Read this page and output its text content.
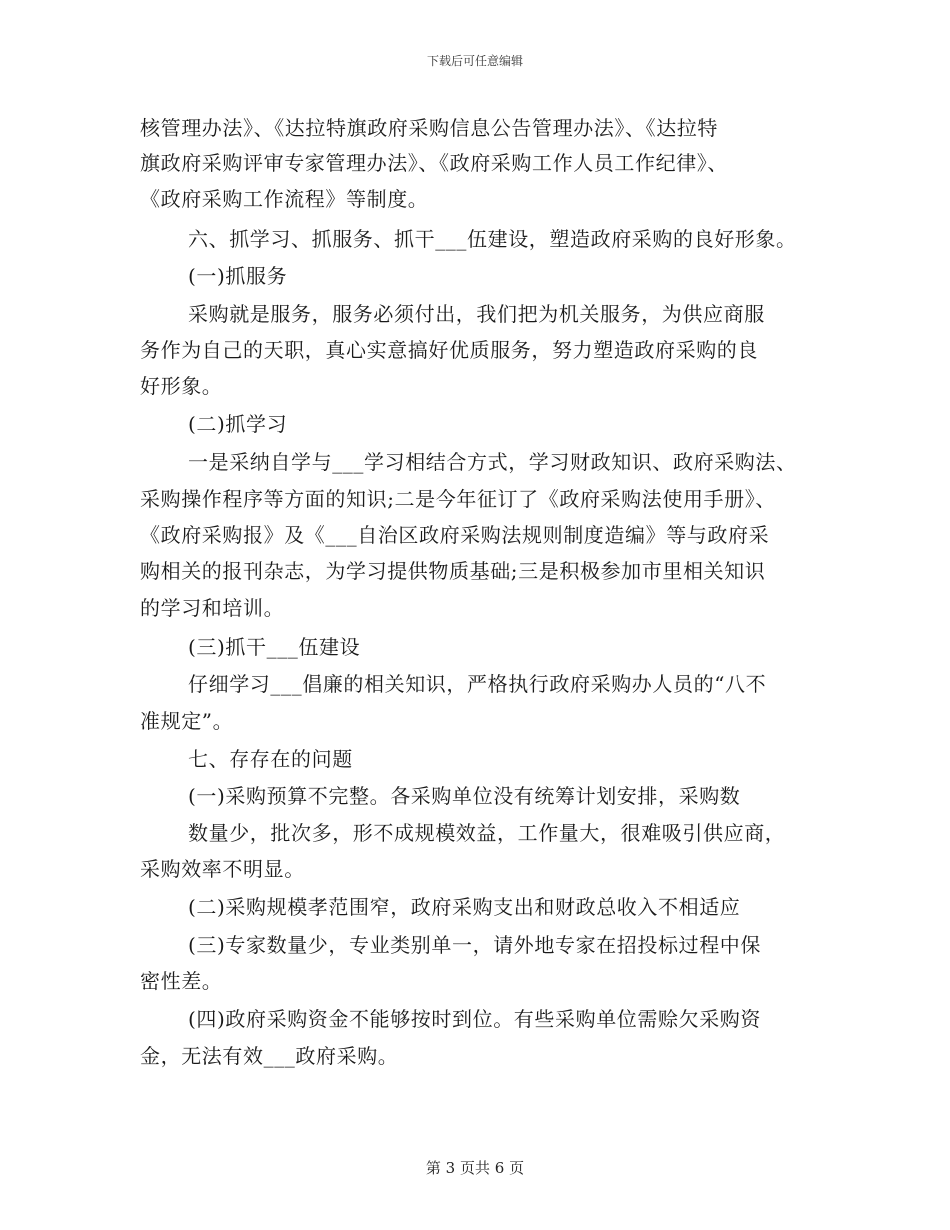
下载后可任意编辑
核管理办法》、《达拉特旗政府采购信息公告管理办法》、《达拉特
旗政府采购评审专家管理办法》、《政府采购工作人员工作纪律》、
《政府采购工作流程》等制度。
六、抓学习、抓服务、抓干___伍建设，塑造政府采购的良好形象。
(一)抓服务
采购就是服务，服务必须付出，我们把为机关服务，为供应商服
务作为自己的天职，真心实意搞好优质服务，努力塑造政府采购的良
好形象。
(二)抓学习
一是采纳自学与___学习相结合方式，学习财政知识、政府采购法、
采购操作程序等方面的知识;二是今年征订了《政府采购法使用手册》、
《政府采购报》及《___自治区政府采购法规则制度造编》等与政府采
购相关的报刊杂志，为学习提供物质基础;三是积极参加市里相关知识
的学习和培训。
(三)抓干___伍建设
仔细学习___倡廉的相关知识，严格执行政府采购办人员的“八不
准规定”。
七、存存在的问题
(一)采购预算不完整。各采购单位没有统筹计划安排，采购数
数量少，批次多，形不成规模效益，工作量大，很难吸引供应商，
采购效率不明显。
(二)采购规模孝范围窄，政府采购支出和财政总收入不相适应
(三)专家数量少，专业类别单一，请外地专家在招投标过程中保
密性差。
(四)政府采购资金不能够按时到位。有些采购单位需赊欠采购资
金，无法有效___政府采购。
第 3 页共 6 页
